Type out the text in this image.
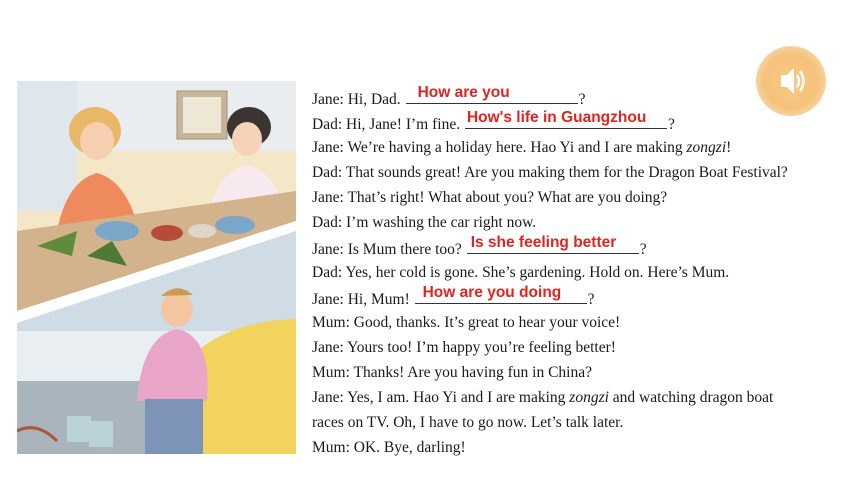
Jane: Hi, Dad. How are you	?
Dad: Hi, Jane! I’m fine. How's life in Guangzhou ?
Jane: We’re having a holiday here. Hao Yi and I are making zongzi!
Dad: That sounds great! Are you making them for the Dragon Boat Festival?
Jane: That’s right! What about you? What are you doing?
Dad: I’m washing the car right now.
Jane: Is Mum there too? Is she feeling better ?
Dad: Yes, her cold is gone. She’s gardening. Hold on. Here’s Mum.
Jane: Hi, Mum! How are you doing ?
Mum: Good, thanks. It’s great to hear your voice!
Jane: Yours too! I’m happy you’re feeling better!
Mum: Thanks! Are you having fun in China?
Jane: Yes, I am. Hao Yi and I are making zongzi and watching dragon boat
races on TV. Oh, I have to go now. Let’s talk later.
Mum: OK. Bye, darling!
